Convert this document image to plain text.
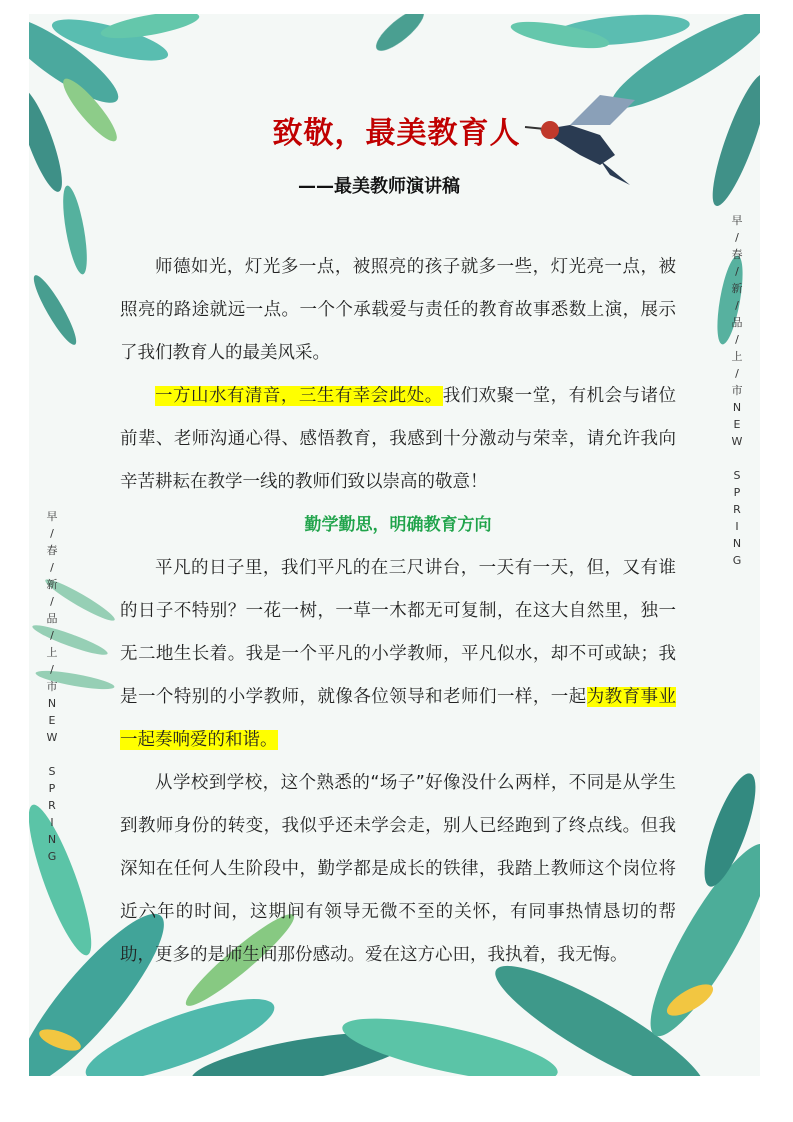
致敬，最美教育人
——最美教师演讲稿
早
/
春
/
新
/
品
/
上
/
市
N
E
W

S
P
R
I
N
G
早
/
春
/
新
/
品
/
上
/
市
N
E
W

S
P
R
I
N
G

师德如光，灯光多一点，被照亮的孩子就多一些，灯光亮一点，被照亮的路途就远一点。一个个承载爱与责任的教育故事悉数上演，展示了我们教育人的最美风采。

一方山水有清音，三生有幸会此处。我们欢聚一堂，有机会与诸位前辈、老师沟通心得、感悟教育，我感到十分激动与荣幸，请允许我向辛苦耕耘在教学一线的教师们致以崇高的敬意！

勤学勤思，明确教育方向

平凡的日子里，我们平凡的在三尺讲台，一天有一天，但，又有谁的日子不特别？一花一树，一草一木都无可复制，在这大自然里，独一无二地生长着。我是一个平凡的小学教师，平凡似水，却不可或缺；我是一个特别的小学教师，就像各位领导和老师们一样，一起为教育事业一起奏响爱的和谐。

从学校到学校，这个熟悉的“场子”好像没什么两样，不同是从学生到教师身份的转变，我似乎还未学会走，别人已经跑到了终点线。但我深知在任何人生阶段中，勤学都是成长的铁律，我踏上教师这个岗位将近六年的时间，这期间有领导无微不至的关怀，有同事热情恳切的帮助，更多的是师生间那份感动。爱在这方心田，我执着，我无悔。
